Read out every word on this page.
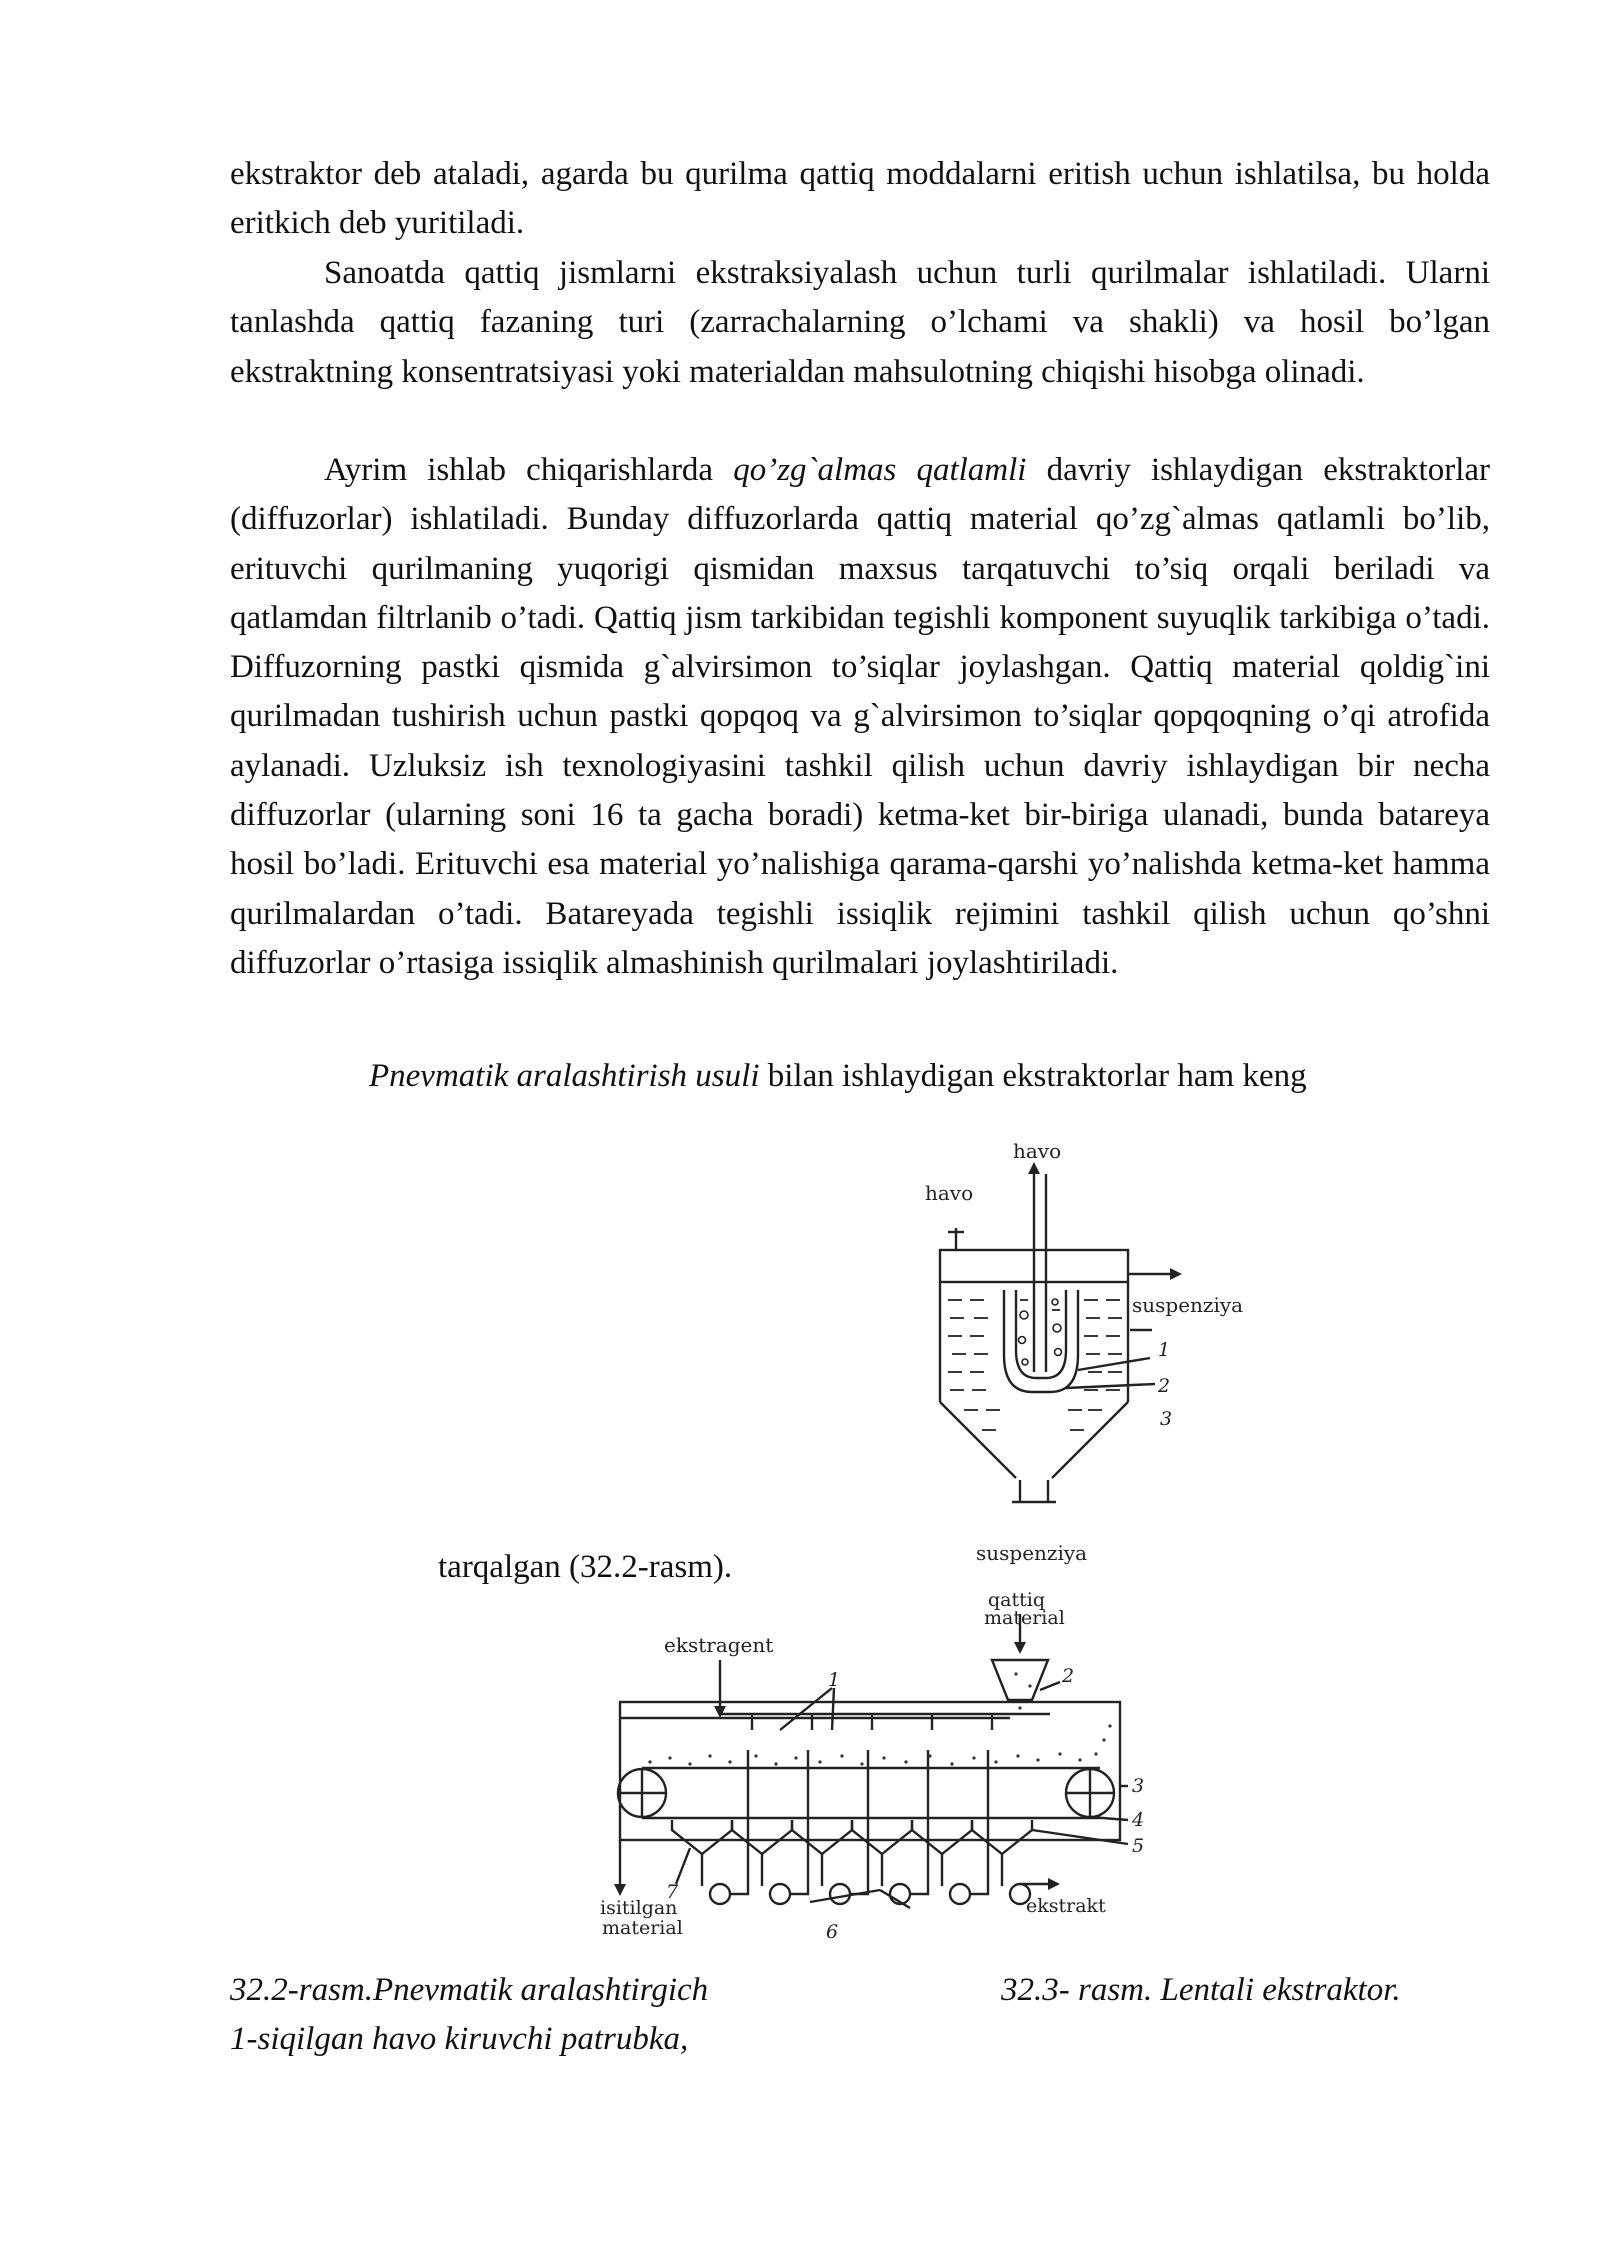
ekstraktor deb ataladi, agarda bu qurilma qattiq moddalarni eritish uchun ishlatilsa, bu holda eritkich deb yuritiladi.

Sanoatda qattiq jismlarni ekstraksiyalash uchun turli qurilmalar ishlatiladi. Ularni tanlashda qattiq fazaning turi (zarrachalarning o’lchami va shakli) va hosil bo’lgan ekstraktning konsentratsiyasi yoki materialdan mahsulotning chiqishi hisobga olinadi.

Ayrim ishlab chiqarishlarda qo’zg`almas qatlamli davriy ishlaydigan ekstraktorlar (diffuzorlar) ishlatiladi. Bunday diffuzorlarda qattiq material qo’zg`almas qatlamli bo’lib, erituvchi qurilmaning yuqorigi qismidan maxsus tarqatuvchi to’siq orqali beriladi va qatlamdan filtrlanib o’tadi. Qattiq jism tarkibidan tegishli komponent suyuqlik tarkibiga o’tadi. Diffuzorning pastki qismida g`alvirsimon to’siqlar joylashgan. Qattiq material qoldig`ini qurilmadan tushirish uchun pastki qopqoq va g`alvirsimon to’siqlar qopqoqning o’qi atrofida aylanadi. Uzluksiz ish texnologiyasini tashkil qilish uchun davriy ishlaydigan bir necha diffuzorlar (ularning soni 16 ta gacha boradi) ketma-ket bir-biriga ulanadi, bunda batareya hosil bo’ladi. Erituvchi esa material yo’nalishiga qarama-qarshi yo’nalishda ketma-ket hamma qurilmalardan o’tadi. Batareyada tegishli issiqlik rejimini tashkil qilish uchun qo’shni diffuzorlar o’rtasiga issiqlik almashinish qurilmalari joylashtiriladi.

Pnevmatik aralashtirish usuli bilan ishlaydigan ekstraktorlar ham keng

tarqalgan (32.2-rasm).

havo
havo
suspenziya
1
2
3
suspenziya
ekstragent
qattiq
material
1	2
3
4
5
6
7
isitilgan
material
ekstrakt

32.2-rasm.Pnevmatik aralashtirgich

1-siqilgan havo kiruvchi patrubka,

32.3- rasm. Lentali ekstraktor.
